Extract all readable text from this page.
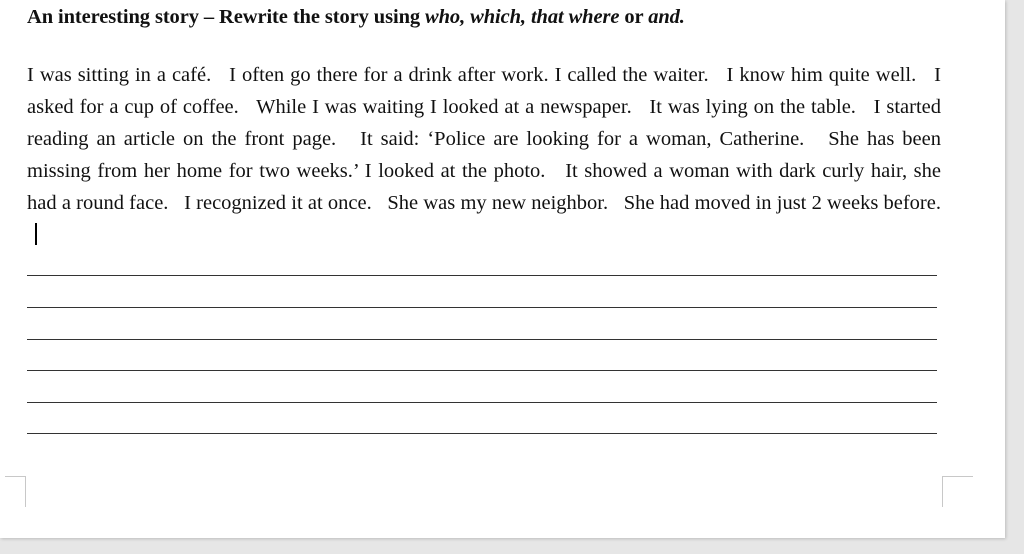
An interesting story – Rewrite the story using who, which, that where or and.
I was sitting in a café.   I often go there for a drink after work. I called the waiter.   I know him quite well.   I asked for a cup of coffee.   While I was waiting I looked at a newspaper.   It was lying on the table.   I started reading an article on the front page.   It said: ‘Police are looking for a woman, Catherine.   She has been missing from her home for two weeks.’ I looked at the photo.   It showed a woman with dark curly hair, she had a round face.   I recognized it at once.   She was my new neighbor.   She had moved in just 2 weeks before.
